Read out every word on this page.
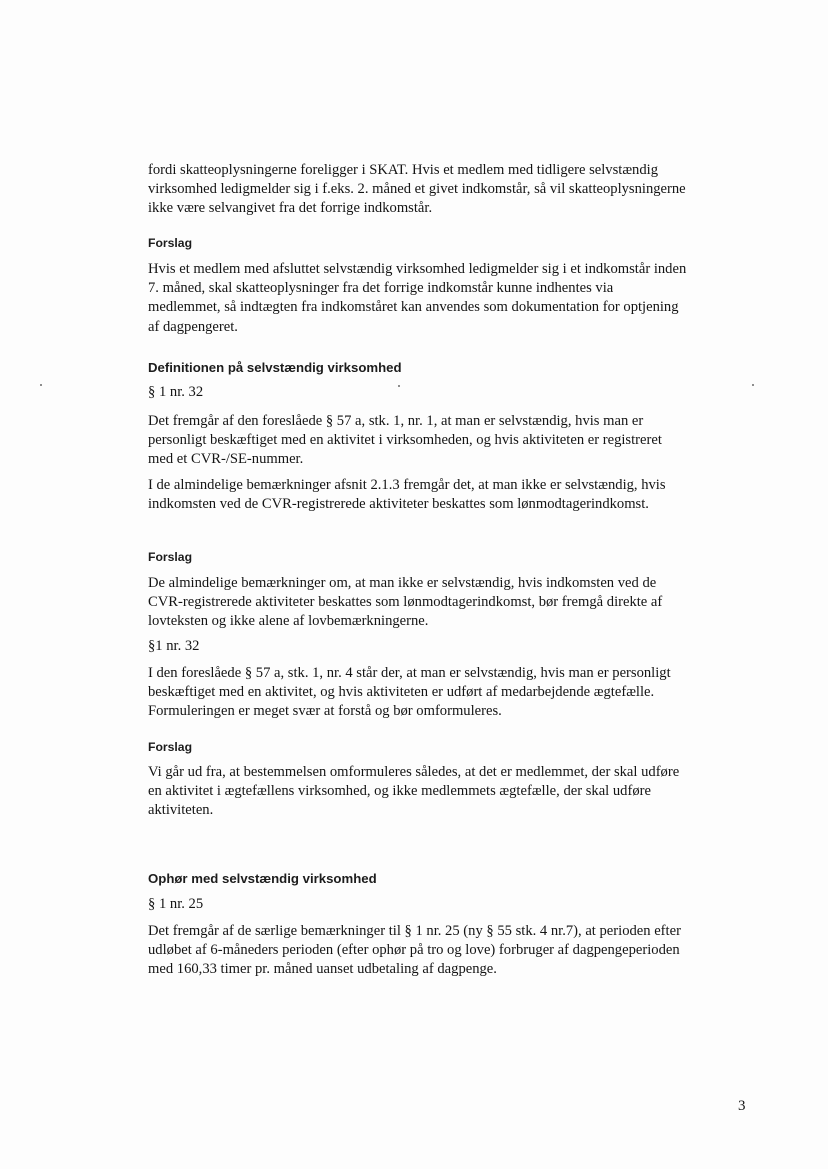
fordi skatteoplysningerne foreligger i SKAT. Hvis et medlem med tidligere selvstændig virksomhed ledigmelder sig i f.eks. 2. måned et givet indkomstår, så vil skatteoplysningerne ikke være selvangivet fra det forrige indkomstår.

Forslag

Hvis et medlem med afsluttet selvstændig virksomhed ledigmelder sig i et indkomstår inden 7. måned, skal skatteoplysninger fra det forrige indkomstår kunne indhentes via medlemmet, så indtægten fra indkomståret kan anvendes som dokumentation for optjening af dagpengeret.

Definitionen på selvstændig virksomhed

§ 1 nr. 32

Det fremgår af den foreslåede § 57 a, stk. 1, nr. 1, at man er selvstændig, hvis man er personligt beskæftiget med en aktivitet i virksomheden, og hvis aktiviteten er registreret med et CVR-/SE-nummer.

I de almindelige bemærkninger afsnit 2.1.3 fremgår det, at man ikke er selvstændig, hvis indkomsten ved de CVR-registrerede aktiviteter beskattes som lønmodtagerindkomst.

Forslag

De almindelige bemærkninger om, at man ikke er selvstændig, hvis indkomsten ved de CVR-registrerede aktiviteter beskattes som lønmodtagerindkomst, bør fremgå direkte af lovteksten og ikke alene af lovbemærkningerne.

§1 nr. 32

I den foreslåede § 57 a, stk. 1, nr. 4 står der, at man er selvstændig, hvis man er personligt beskæftiget med en aktivitet, og hvis aktiviteten er udført af medarbejdende ægtefælle. Formuleringen er meget svær at forstå og bør omformuleres.

Forslag

Vi går ud fra, at bestemmelsen omformuleres således, at det er medlemmet, der skal udføre en aktivitet i ægtefællens virksomhed, og ikke medlemmets ægtefælle, der skal udføre aktiviteten.

Ophør med selvstændig virksomhed

§ 1 nr. 25

Det fremgår af de særlige bemærkninger til § 1 nr. 25 (ny § 55 stk. 4 nr.7), at perioden efter udløbet af 6-måneders perioden (efter ophør på tro og love) forbruger af dagpengeperioden med 160,33 timer pr. måned uanset udbetaling af dagpenge.

3
